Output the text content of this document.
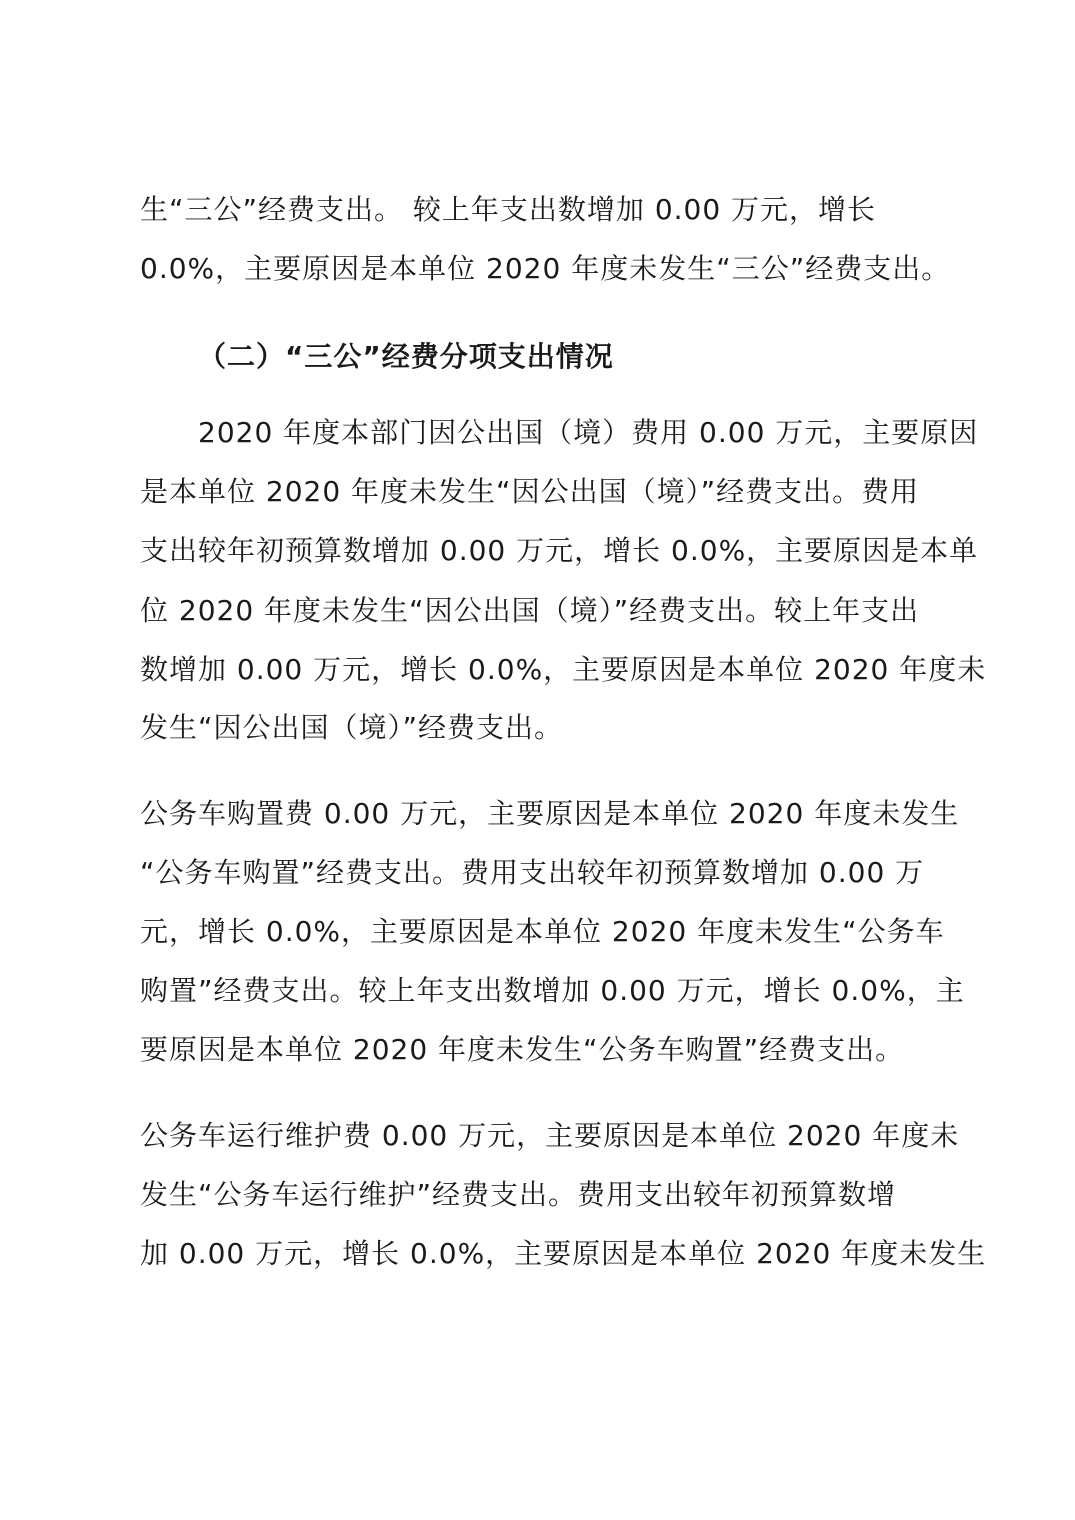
生“三公”经费支出。 较上年支出数增加 0.00 万元，增长
0.0%，主要原因是本单位 2020 年度未发生“三公”经费支出。
（二）“三公”经费分项支出情况
2020 年度本部门因公出国（境）费用 0.00 万元，主要原因
是本单位 2020 年度未发生“因公出国（境）”经费支出。费用
支出较年初预算数增加 0.00 万元，增长 0.0%，主要原因是本单
位 2020 年度未发生“因公出国（境）”经费支出。较上年支出
数增加 0.00 万元，增长 0.0%，主要原因是本单位 2020 年度未
发生“因公出国（境）”经费支出。
公务车购置费 0.00 万元，主要原因是本单位 2020 年度未发生
“公务车购置”经费支出。费用支出较年初预算数增加 0.00 万
元，增长 0.0%，主要原因是本单位 2020 年度未发生“公务车
购置”经费支出。较上年支出数增加 0.00 万元，增长 0.0%，主
要原因是本单位 2020 年度未发生“公务车购置”经费支出。
公务车运行维护费 0.00 万元，主要原因是本单位 2020 年度未
发生“公务车运行维护”经费支出。费用支出较年初预算数增
加 0.00 万元，增长 0.0%，主要原因是本单位 2020 年度未发生
